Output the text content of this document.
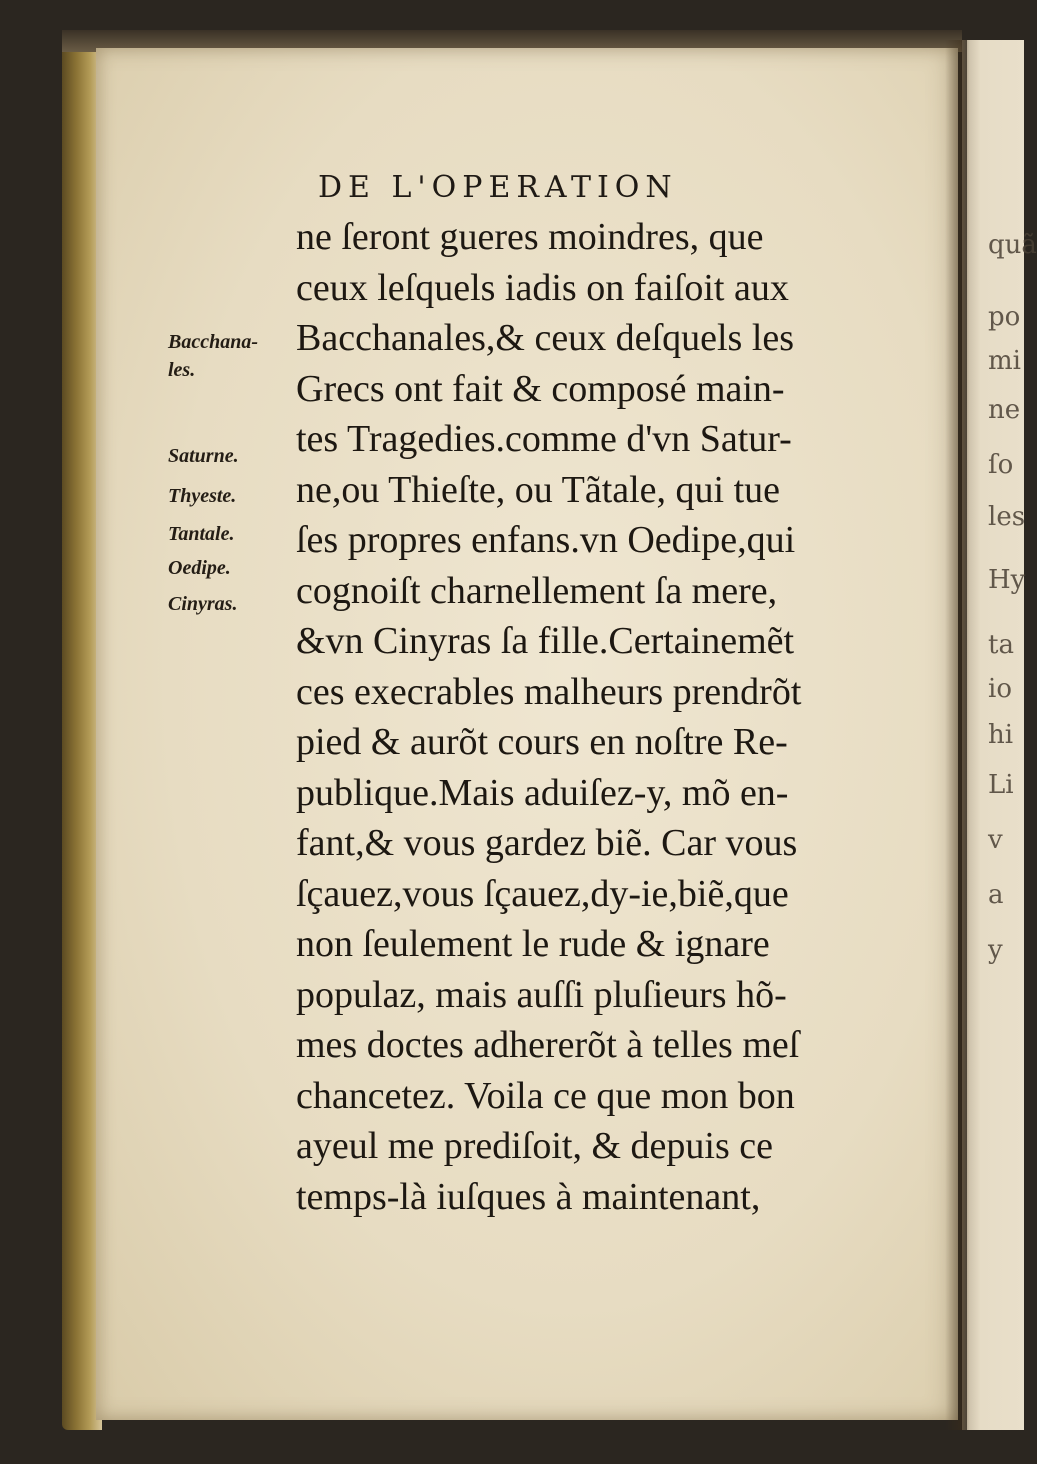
quã
po
mi
ne
ſo
les
Hy
ta
io
hi
Li
v
a
y
DE L'OPERATION
Bacchana-
les.
Saturne.
Thyeste.
Tantale.
Oedipe.
Cinyras.
ne ſeront gueres moindres, que
ceux leſquels iadis on faiſoit aux
Bacchanales,& ceux deſquels les
Grecs ont fait & composé main-
tes Tragedies.comme d'vn Satur-
ne,ou Thieſte, ou Tãtale, qui tue
ſes propres enfans.vn Oedipe,qui
cognoiſt charnellement ſa mere,
&vn Cinyras ſa fille.Certainemẽt
ces execrables malheurs prendrõt
pied & aurõt cours en noſtre Re-
publique.Mais aduiſez-y, mõ en-
fant,& vous gardez biẽ. Car vous
ſçauez,vous ſçauez,dy-ie,biẽ,que
non ſeulement le rude & ignare
populaz, mais auſſi pluſieurs hõ-
mes doctes adhererõt à telles meſ
chancetez. Voila ce que mon bon
ayeul me prediſoit, & depuis ce
temps-là iuſques à maintenant,
